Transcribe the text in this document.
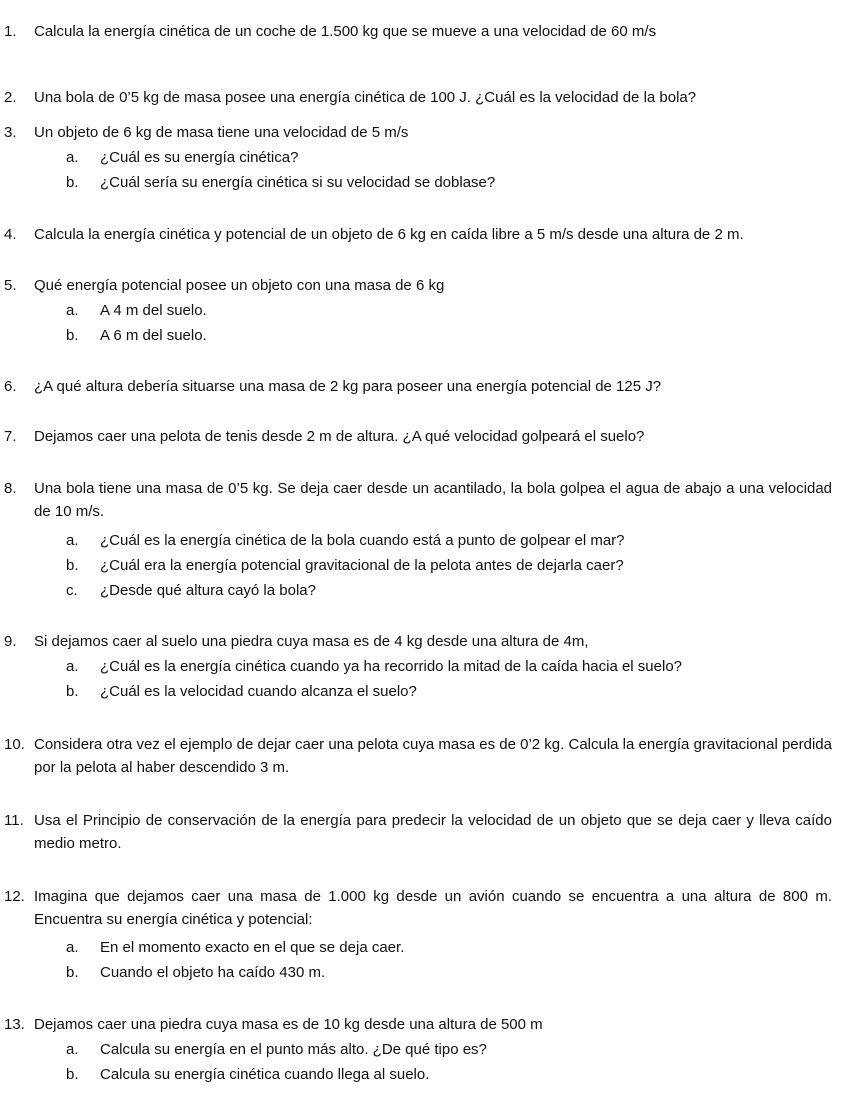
1. Calcula la energía cinética de un coche de 1.500 kg que se mueve a una velocidad de 60 m/s
2. Una bola de 0’5 kg de masa posee una energía cinética de 100 J. ¿Cuál es la velocidad de la bola?
3. Un objeto de 6 kg de masa tiene una velocidad de 5 m/s
a. ¿Cuál es su energía cinética?
b. ¿Cuál sería su energía cinética si su velocidad se doblase?
4. Calcula la energía cinética y potencial de un objeto de 6 kg en caída libre a 5 m/s desde una altura de 2 m.
5. Qué energía potencial posee un objeto con una masa de 6 kg
a. A 4 m del suelo.
b. A 6 m del suelo.
6. ¿A qué altura debería situarse una masa de 2 kg para poseer una energía potencial de 125 J?
7. Dejamos caer una pelota de tenis desde 2 m de altura. ¿A qué velocidad golpeará el suelo?
8. Una bola tiene una masa de 0’5 kg. Se deja caer desde un acantilado, la bola golpea el agua de abajo a una velocidad de 10 m/s.
a. ¿Cuál es la energía cinética de la bola cuando está a punto de golpear el mar?
b. ¿Cuál era la energía potencial gravitacional de la pelota antes de dejarla caer?
c. ¿Desde qué altura cayó la bola?
9. Si dejamos caer al suelo una piedra cuya masa es de 4 kg desde una altura de 4m,
a. ¿Cuál es la energía cinética cuando ya ha recorrido la mitad de la caída hacia el suelo?
b. ¿Cuál es la velocidad cuando alcanza el suelo?
10. Considera otra vez el ejemplo de dejar caer una pelota cuya masa es de 0’2 kg. Calcula la energía gravitacional perdida por la pelota al haber descendido 3 m.
11. Usa el Principio de conservación de la energía para predecir la velocidad de un objeto que se deja caer y lleva caído medio metro.
12. Imagina que dejamos caer una masa de 1.000 kg desde un avión cuando se encuentra a una altura de 800 m. Encuentra su energía cinética y potencial:
a. En el momento exacto en el que se deja caer.
b. Cuando el objeto ha caído 430 m.
13. Dejamos caer una piedra cuya masa es de 10 kg desde una altura de 500 m
a. Calcula su energía en el punto más alto. ¿De qué tipo es?
b. Calcula su energía cinética cuando llega al suelo.
